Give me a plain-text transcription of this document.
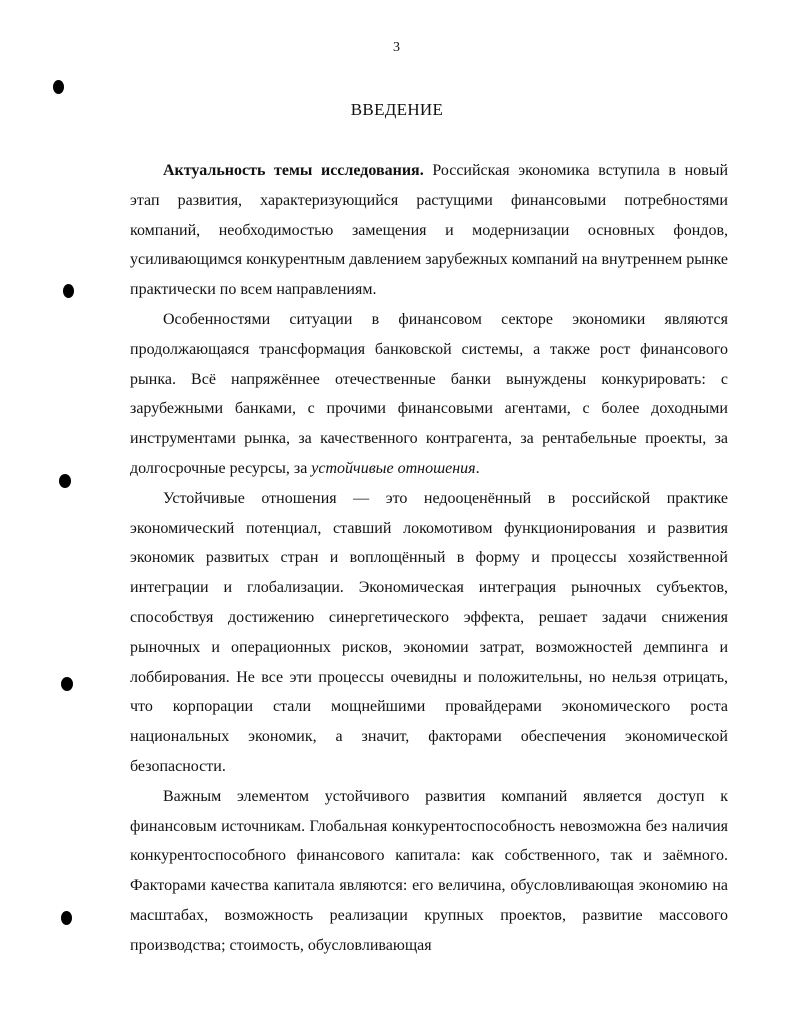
3
ВВЕДЕНИЕ

Актуальность темы исследования. Российская экономика вступила в новый этап развития, характеризующийся растущими финансовыми потребностями компаний, необходимостью замещения и модернизации основных фондов, усиливающимся конкурентным давлением зарубежных компаний на внутреннем рынке практически по всем направлениям.

Особенностями ситуации в финансовом секторе экономики являются продолжающаяся трансформация банковской системы, а также рост финансового рынка. Всё напряжённее отечественные банки вынуждены конкурировать: с зарубежными банками, с прочими финансовыми агентами, с более доходными инструментами рынка, за качественного контрагента, за рентабельные проекты, за долгосрочные ресурсы, за устойчивые отношения.

Устойчивые отношения — это недооценённый в российской практике экономический потенциал, ставший локомотивом функционирования и развития экономик развитых стран и воплощённый в форму и процессы хозяйственной интеграции и глобализации. Экономическая интеграция рыночных субъектов, способствуя достижению синергетического эффекта, решает задачи снижения рыночных и операционных рисков, экономии затрат, возможностей демпинга и лоббирования. Не все эти процессы очевидны и положительны, но нельзя отрицать, что корпорации стали мощнейшими провайдерами экономического роста национальных экономик, а значит, факторами обеспечения экономической безопасности.

Важным элементом устойчивого развития компаний является доступ к финансовым источникам. Глобальная конкурентоспособность невозможна без наличия конкурентоспособного финансового капитала: как собственного, так и заёмного. Факторами качества капитала являются: его величина, обусловливающая экономию на масштабах, возможность реализации крупных проектов, развитие массового производства; стоимость, обусловливающая
